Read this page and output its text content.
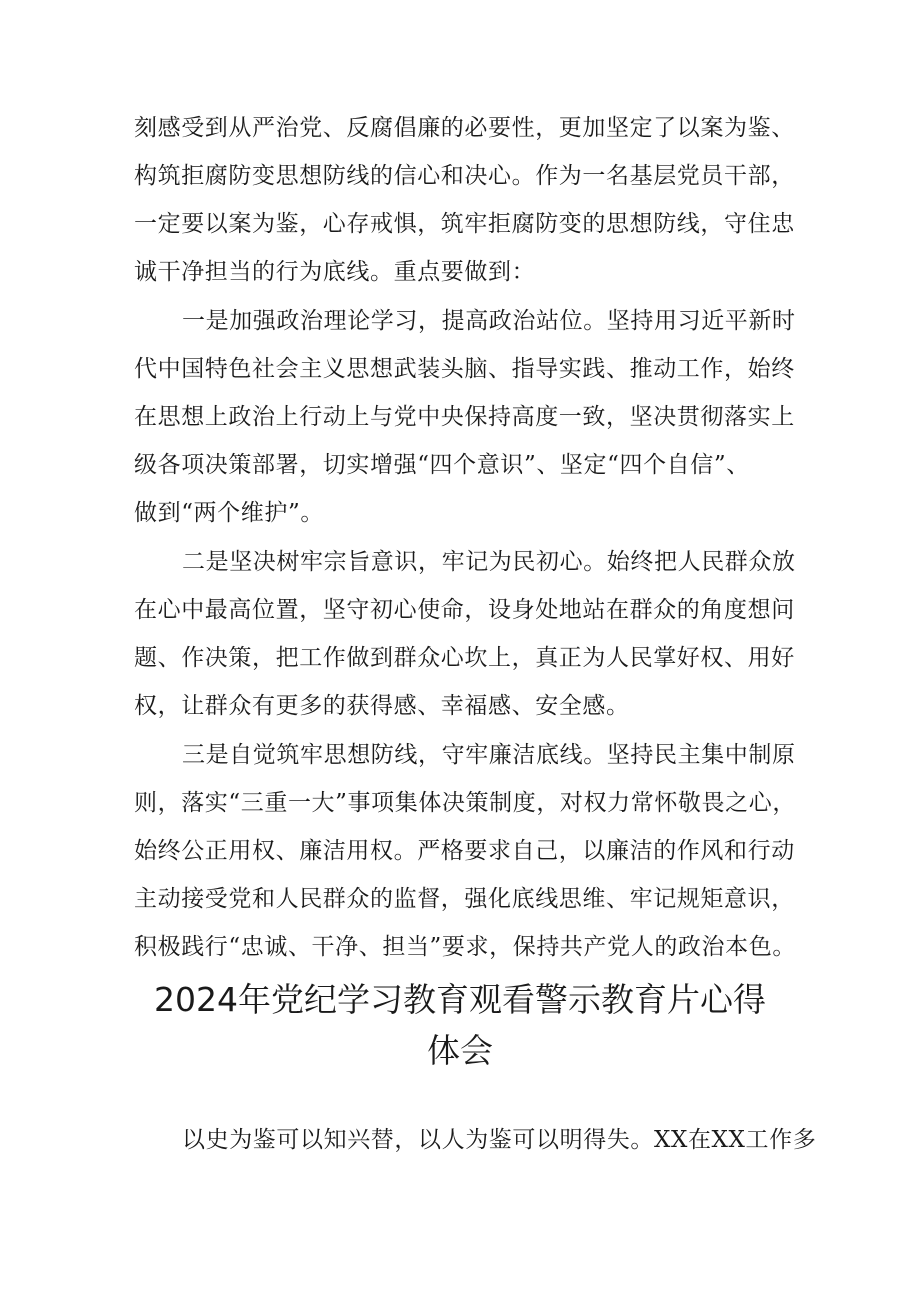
刻感受到从严治党、反腐倡廉的必要性，更加坚定了以案为鉴、
构筑拒腐防变思想防线的信心和决心。作为一名基层党员干部，
一定要以案为鉴，心存戒惧，筑牢拒腐防变的思想防线，守住忠
诚干净担当的行为底线。重点要做到：
一是加强政治理论学习，提高政治站位。坚持用习近平新时
代中国特色社会主义思想武装头脑、指导实践、推动工作，始终
在思想上政治上行动上与党中央保持高度一致，坚决贯彻落实上
级各项决策部署，切实增强“四个意识”、坚定“四个自信”、
做到“两个维护”。
二是坚决树牢宗旨意识，牢记为民初心。始终把人民群众放
在心中最高位置，坚守初心使命，设身处地站在群众的角度想问
题、作决策，把工作做到群众心坎上，真正为人民掌好权、用好
权，让群众有更多的获得感、幸福感、安全感。
三是自觉筑牢思想防线，守牢廉洁底线。坚持民主集中制原
则，落实“三重一大”事项集体决策制度，对权力常怀敬畏之心，
始终公正用权、廉洁用权。严格要求自己，以廉洁的作风和行动
主动接受党和人民群众的监督，强化底线思维、牢记规矩意识，
积极践行“忠诚、干净、担当”要求，保持共产党人的政治本色。
2024年党纪学习教育观看警示教育片心得
体会
以史为鉴可以知兴替，以人为鉴可以明得失。XX在XX工作多
